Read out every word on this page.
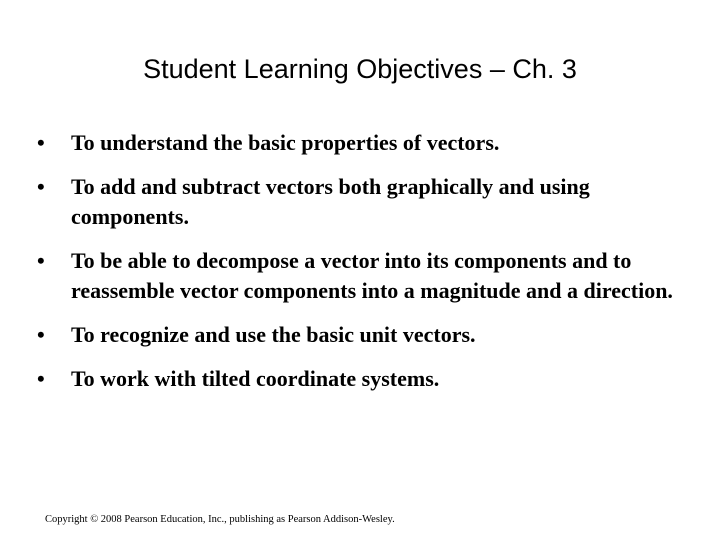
Student Learning Objectives – Ch. 3
• To understand the basic properties of vectors.
• To add and subtract vectors both graphically and using components.
• To be able to decompose a vector into its components and to reassemble vector components into a magnitude and a direction.
• To recognize and use the basic unit vectors.
• To work with tilted coordinate systems.
Copyright © 2008 Pearson Education, Inc., publishing as Pearson Addison-Wesley.
